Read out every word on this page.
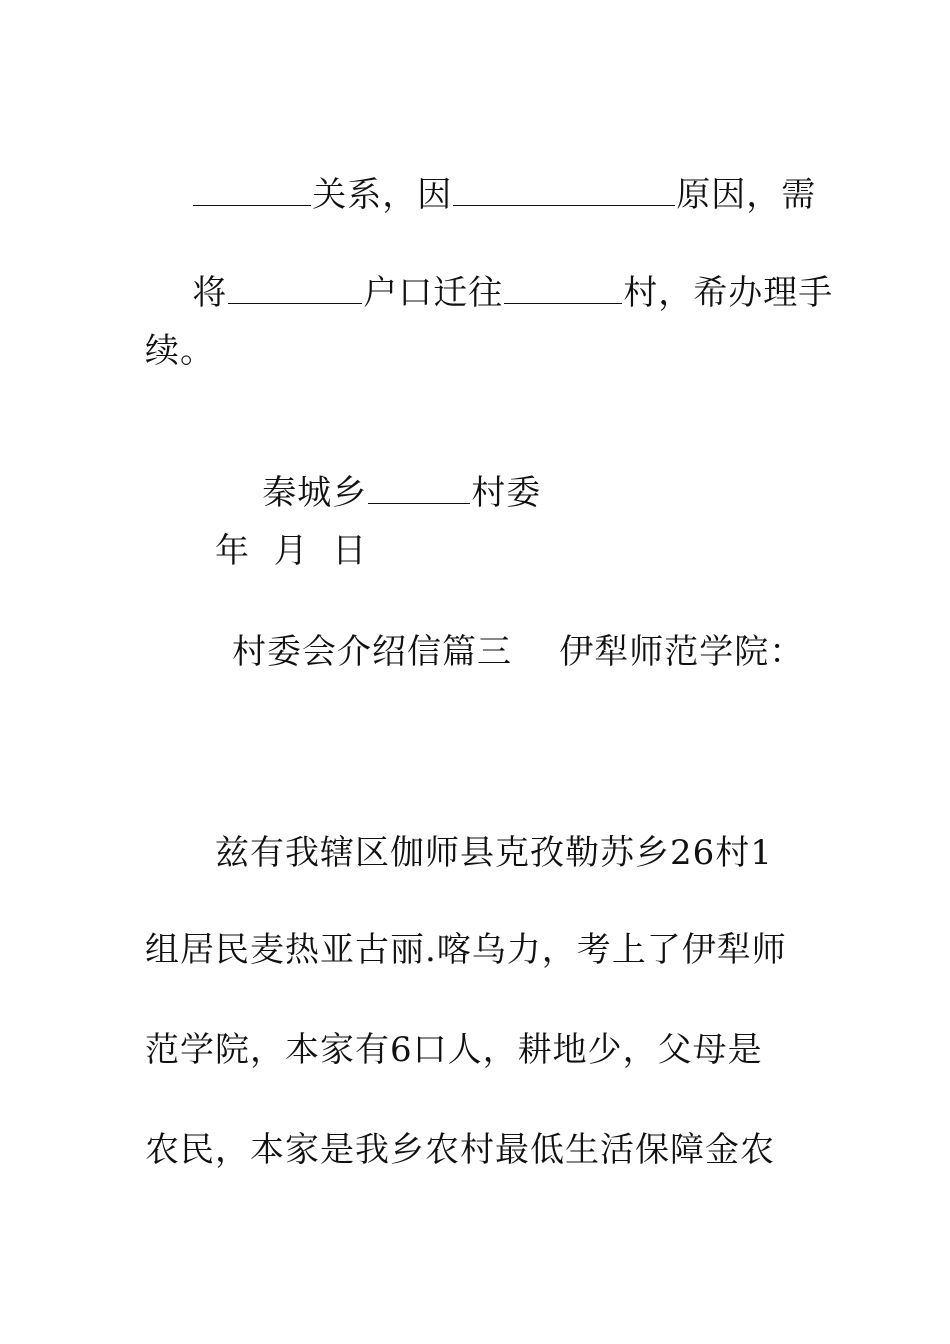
关系，因	原因，需

将	户口迁往	村，希办理手

续。

秦城乡	村委

年  月  日
村委会介绍信篇三    伊犁师范学院：
兹有我辖区伽师县克孜勒苏乡26村1
组居民麦热亚古丽.喀乌力，考上了伊犁师
范学院，本家有6口人，耕地少，父母是
农民，本家是我乡农村最低生活保障金农
